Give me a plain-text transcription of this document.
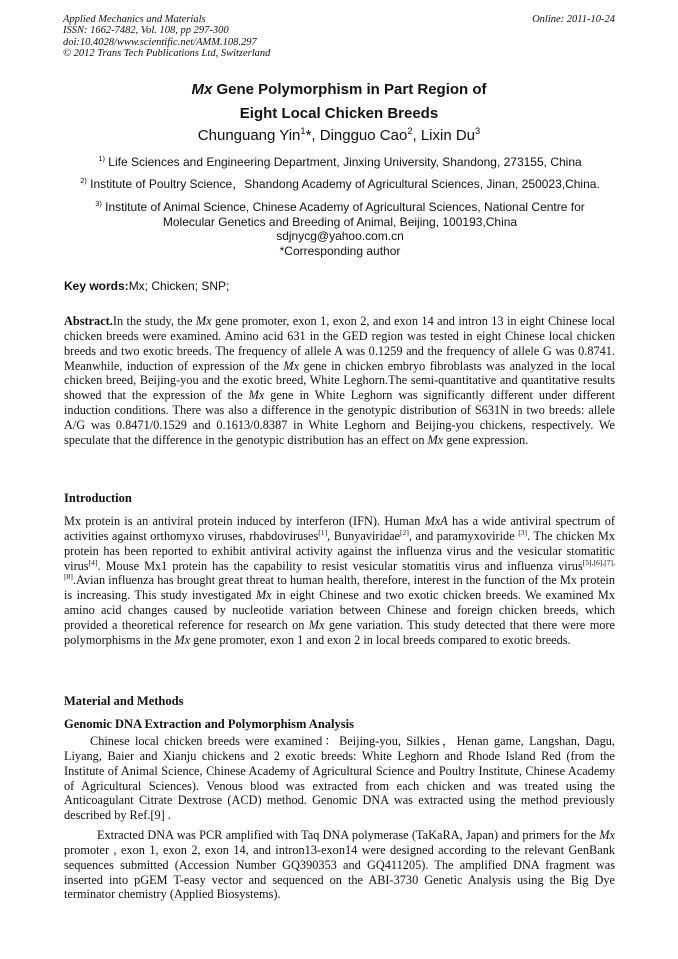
Applied Mechanics and Materials
ISSN: 1662-7482, Vol. 108, pp 297-300
doi:10.4028/www.scientific.net/AMM.108.297
© 2012 Trans Tech Publications Ltd, Switzerland
Online: 2011-10-24
Mx Gene Polymorphism in Part Region of
Eight Local Chicken Breeds
Chunguang Yin$^1$*, Dingguo Cao$^2$, Lixin Du$^3$
$^{1)}$ Life Sciences and Engineering Department, Jinxing University, Shandong, 273155, China
$^{2)}$ Institute of Poultry Science，Shandong Academy of Agricultural Sciences, Jinan, 250023,China.
$^{3)}$ Institute of Animal Science, Chinese Academy of Agricultural Sciences, National Centre for Molecular Genetics and Breeding of Animal, Beijing, 100193,China
sdjnycg@yahoo.com.cn
*Corresponding author
Key words:Mx; Chicken; SNP;
Abstract.In the study, the Mx gene promoter, exon 1, exon 2, and exon 14 and intron 13 in eight Chinese local chicken breeds were examined. Amino acid 631 in the GED region was tested in eight Chinese local chicken breeds and two exotic breeds. The frequency of allele A was 0.1259 and the frequency of allele G was 0.8741. Meanwhile, induction of expression of the Mx gene in chicken embryo fibroblasts was analyzed in the local chicken breed, Beijing-you and the exotic breed, White Leghorn.The semi-quantitative and quantitative results showed that the expression of the Mx gene in White Leghorn was significantly different under different induction conditions. There was also a difference in the genotypic distribution of S631N in two breeds: allele A/G was 0.8471/0.1529 and 0.1613/0.8387 in White Leghorn and Beijing-you chickens, respectively. We speculate that the difference in the genotypic distribution has an effect on Mx gene expression.
Introduction
Mx protein is an antiviral protein induced by interferon (IFN). Human MxA has a wide antiviral spectrum of activities against orthomyxo viruses, rhabdoviruses[1], Bunyaviridae[2], and paramyxoviride [3]. The chicken Mx protein has been reported to exhibit antiviral activity against the influenza virus and the vesicular stomatitic virus[4]. Mouse Mx1 protein has the capability to resist vesicular stomatitis virus and influenza virus[5],[6],[7],[8].Avian influenza has brought great threat to human health, therefore, interest in the function of the Mx protein is increasing. This study investigated Mx in eight Chinese and two exotic chicken breeds. We examined Mx amino acid changes caused by nucleotide variation between Chinese and foreign chicken breeds, which provided a theoretical reference for research on Mx gene variation. This study detected that there were more polymorphisms in the Mx gene promoter, exon 1 and exon 2 in local breeds compared to exotic breeds.
Material and Methods
Genomic DNA Extraction and Polymorphism Analysis
Chinese local chicken breeds were examined：Beijing-you, Silkies，Henan game, Langshan, Dagu, Liyang, Baier and Xianju chickens and 2 exotic breeds: White Leghorn and Rhode Island Red (from the Institute of Animal Science, Chinese Academy of Agricultural Science and Poultry Institute, Chinese Academy of Agricultural Sciences). Venous blood was extracted from each chicken and was treated using the Anticoagulant Citrate Dextrose (ACD) method. Genomic DNA was extracted using the method previously described by Ref.[9] .
Extracted DNA was PCR amplified with Taq DNA polymerase (TaKaRA, Japan) and primers for the Mx promoter , exon 1, exon 2, exon 14, and intron13-exon14 were designed according to the relevant GenBank sequences submitted (Accession Number GQ390353 and GQ411205). The amplified DNA fragment was inserted into pGEM T-easy vector and sequenced on the ABI-3730 Genetic Analysis using the Big Dye terminator chemistry (Applied Biosystems).
